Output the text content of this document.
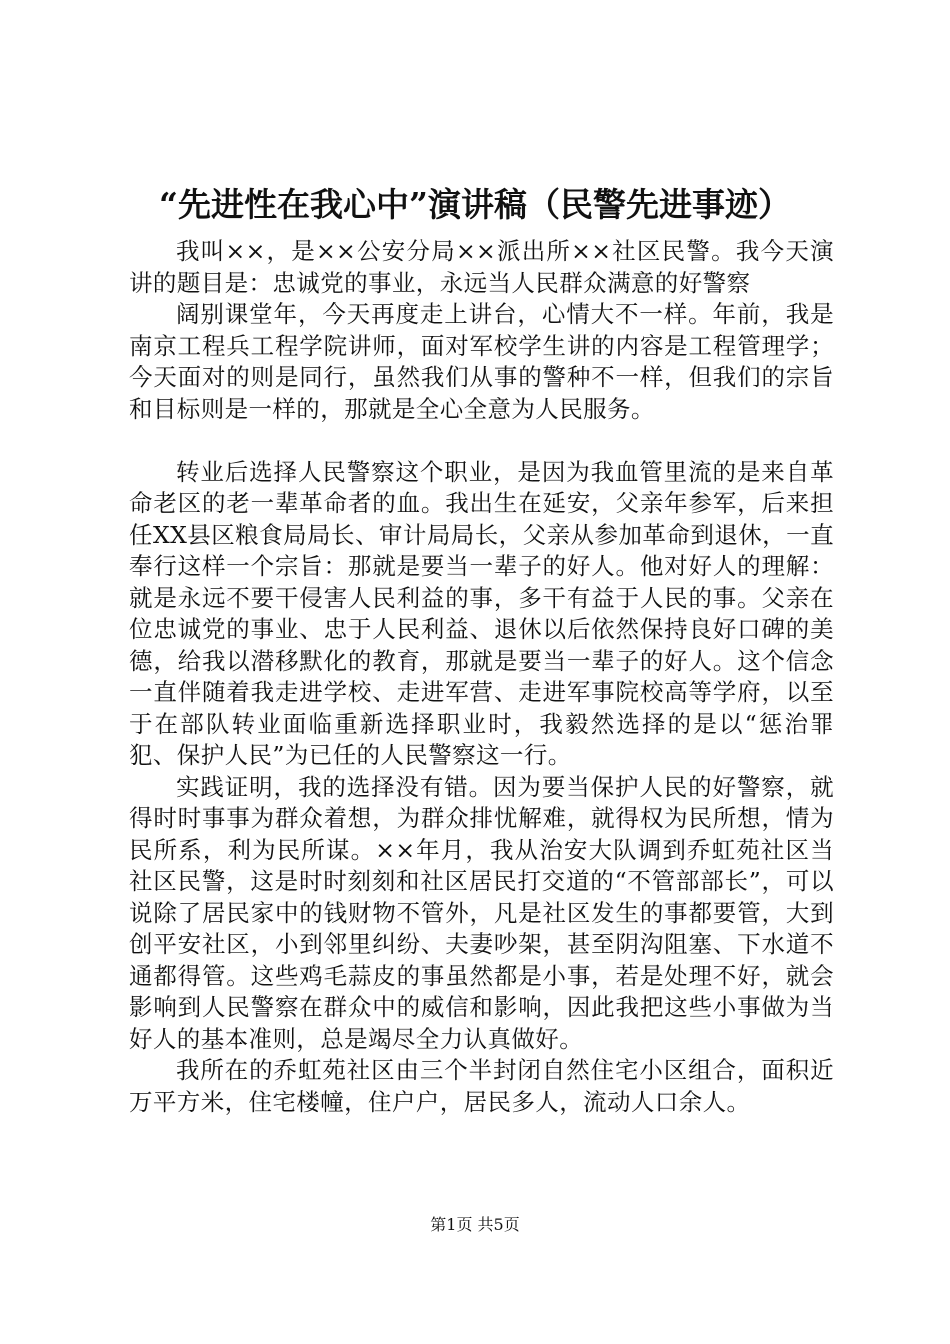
“先进性在我心中”演讲稿（民警先进事迹）

我叫××，是××公安分局××派出所××社区民警。我今天演讲的题目是：忠诚党的事业，永远当人民群众满意的好警察

阔别课堂年，今天再度走上讲台，心情大不一样。年前，我是南京工程兵工程学院讲师，面对军校学生讲的内容是工程管理学；今天面对的则是同行，虽然我们从事的警种不一样，但我们的宗旨和目标则是一样的，那就是全心全意为人民服务。

转业后选择人民警察这个职业，是因为我血管里流的是来自革命老区的老一辈革命者的血。我出生在延安，父亲年参军，后来担任XX县区粮食局局长、审计局局长，父亲从参加革命到退休，一直奉行这样一个宗旨：那就是要当一辈子的好人。他对好人的理解：就是永远不要干侵害人民利益的事，多干有益于人民的事。父亲在位忠诚党的事业、忠于人民利益、退休以后依然保持良好口碑的美德，给我以潜移默化的教育，那就是要当一辈子的好人。这个信念一直伴随着我走进学校、走进军营、走进军事院校高等学府，以至于在部队转业面临重新选择职业时，我毅然选择的是以“惩治罪犯、保护人民”为已任的人民警察这一行。

实践证明，我的选择没有错。因为要当保护人民的好警察，就得时时事事为群众着想，为群众排忧解难，就得权为民所想，情为民所系，利为民所谋。××年月，我从治安大队调到乔虹苑社区当社区民警，这是时时刻刻和社区居民打交道的“不管部部长”，可以说除了居民家中的钱财物不管外，凡是社区发生的事都要管，大到创平安社区，小到邻里纠纷、夫妻吵架，甚至阴沟阻塞、下水道不通都得管。这些鸡毛蒜皮的事虽然都是小事，若是处理不好，就会影响到人民警察在群众中的威信和影响，因此我把这些小事做为当好人的基本准则，总是竭尽全力认真做好。

我所在的乔虹苑社区由三个半封闭自然住宅小区组合，面积近万平方米，住宅楼幢，住户户，居民多人，流动人口余人。

第1页 共5页
